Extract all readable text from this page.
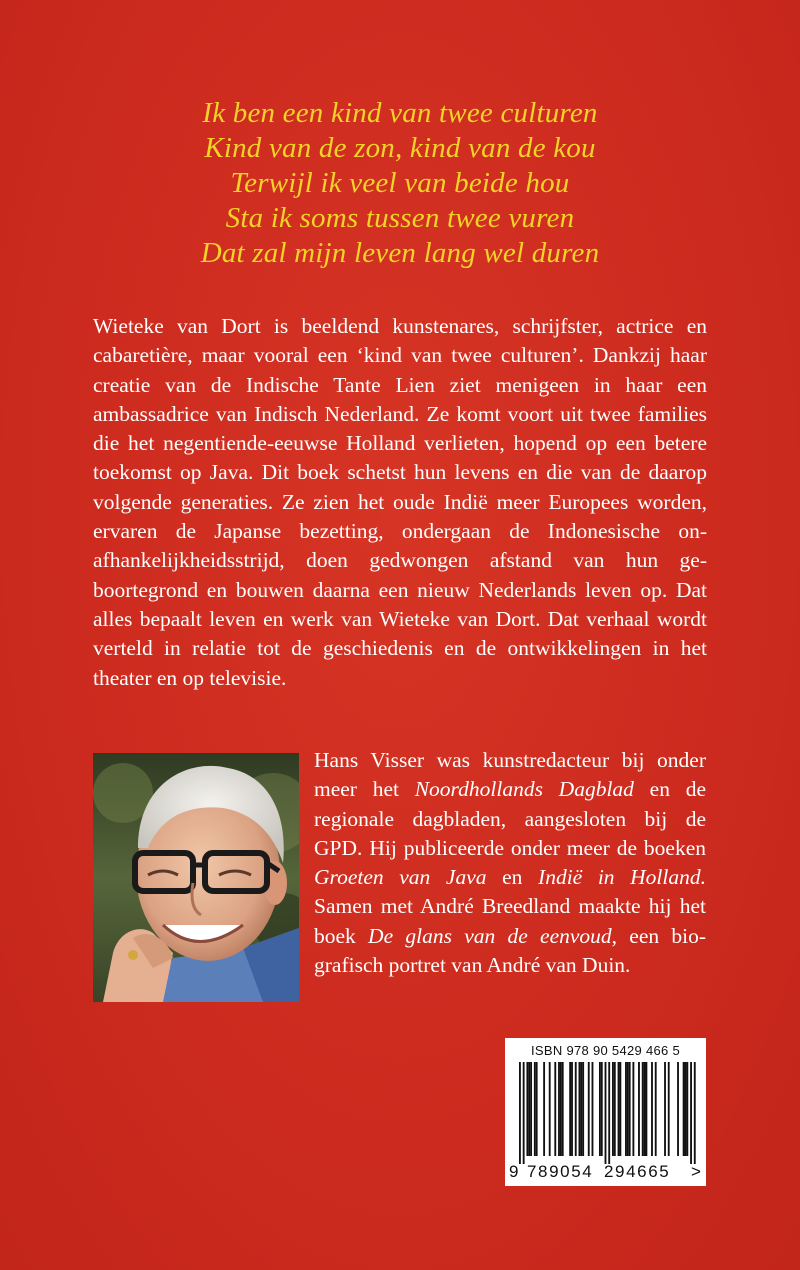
Ik ben een kind van twee culturen
Kind van de zon, kind van de kou
Terwijl ik veel van beide hou
Sta ik soms tussen twee vuren
Dat zal mijn leven lang wel duren

Wieteke van Dort is beeldend kunstenares, schrijfster, actrice en cabaretière, maar vooral een ‘kind van twee culturen’. Dankzij haar creatie van de Indische Tante Lien ziet menigeen in haar een ambassadrice van Indisch Nederland. Ze komt voort uit twee families die het negentiende-eeuwse Holland verlieten, hopend op een betere toekomst op Java. Dit boek schetst hun levens en die van de daarop volgende generaties. Ze zien het oude Indië meer Europees worden, ervaren de Japanse bezetting, ondergaan de Indonesische onafhankelijkheidsstrijd, doen gedwongen afstand van hun geboortegrond en bouwen daarna een nieuw Nederlands leven op. Dat alles bepaalt leven en werk van Wieteke van Dort. Dat verhaal wordt verteld in relatie tot de geschiedenis en de ontwikkelingen in het theater en op televisie.

Hans Visser was kunstredacteur bij onder meer het Noordhollands Dagblad en de regionale dagbladen, aangesloten bij de GPD. Hij publiceerde onder meer de boeken Groeten van Java en Indië in Holland. Samen met André Breedland maakte hij het boek De glans van de eenvoud, een biografisch portret van André van Duin.

ISBN 978 90 5429 466 5
9 789054 294665 >
